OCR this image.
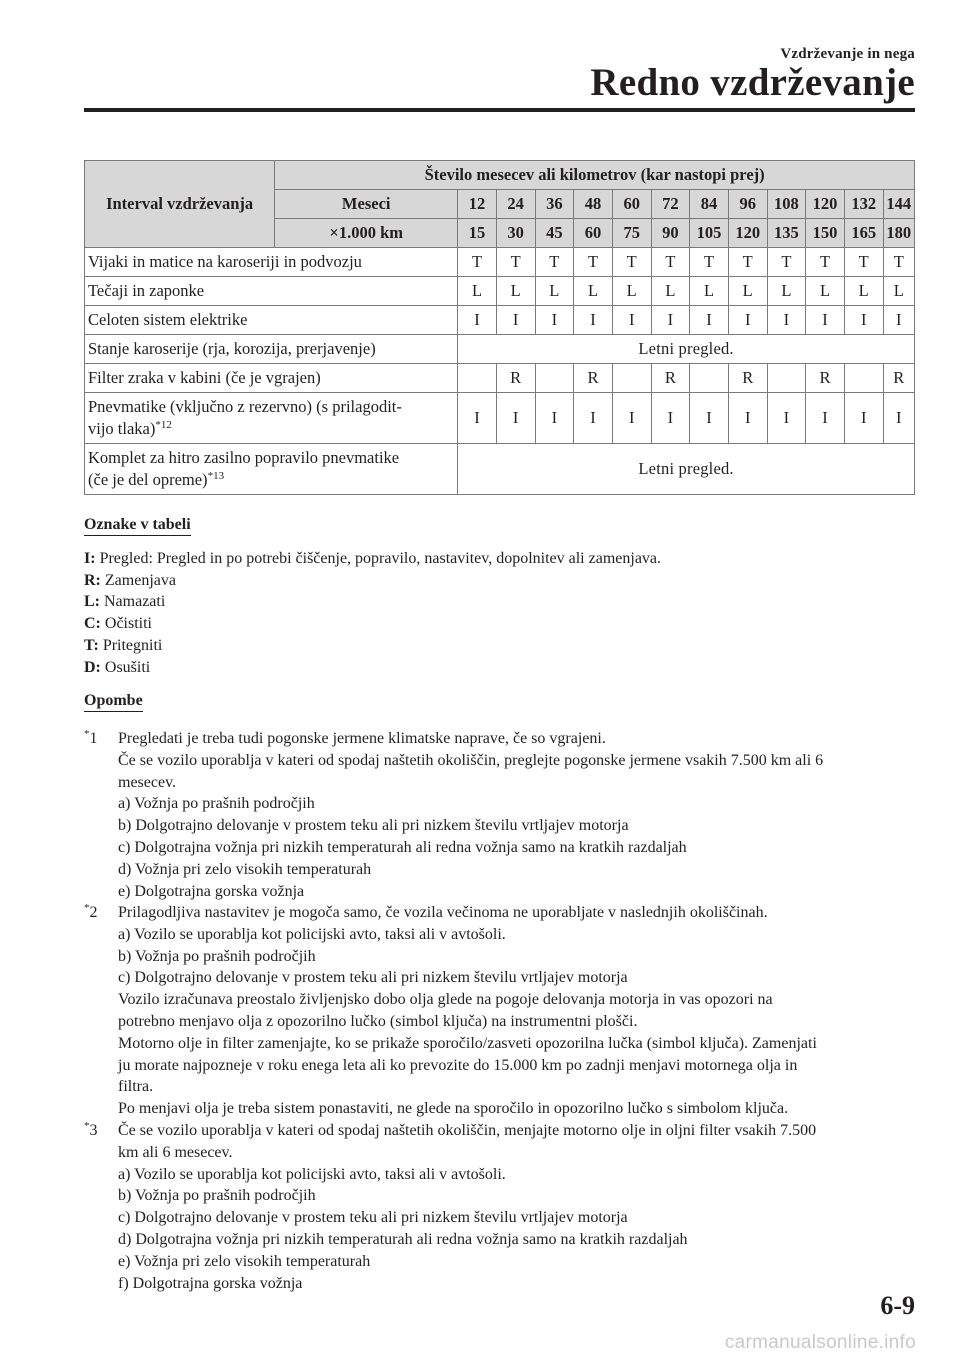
Vzdrževanje in nega
Redno vzdrževanje
Interval vzdrževanja	Število mesecev ali kilometrov (kar nastopi prej)												
	Meseci	12	24	36	48	60	72	84	96	108	120	132	144
	×1.000 km	15	30	45	60	75	90	105	120	135	150	165	180
Vijaki in matice na karoseriji in podvozju		T	T	T	T	T	T	T	T	T	T	T	T
Tečaji in zaponke		L	L	L	L	L	L	L	L	L	L	L	L
Celoten sistem elektrike		I	I	I	I	I	I	I	I	I	I	I	I
Stanje karoserije (rja, korozija, prerjavenje)		Letni pregled.											
Filter zraka v kabini (če je vgrajen)			R		R		R		R		R		R
Pnevmatike (vključno z rezervno) (s prilagodit-
vijo tlaka)$^{*12}$		I	I	I	I	I	I	I	I	I	I	I	I
Komplet za hitro zasilno popravilo pnevmatike
(če je del opreme)$^{*13}$		Letni pregled.											
Oznake v tabeli
I: Pregled: Pregled in po potrebi čiščenje, popravilo, nastavitev, dopolnitev ali zamenjava.
R: Zamenjava
L: Namazati
C: Očistiti
T: Pritegniti
D: Osušiti
Opombe
*1 Pregledati je treba tudi pogonske jermene klimatske naprave, če so vgrajeni.
Če se vozilo uporablja v kateri od spodaj naštetih okoliščin, preglejte pogonske jermene vsakih 7.500 km ali 6
mesecev.
a) Vožnja po prašnih področjih
b) Dolgotrajno delovanje v prostem teku ali pri nizkem številu vrtljajev motorja
c) Dolgotrajna vožnja pri nizkih temperaturah ali redna vožnja samo na kratkih razdaljah
d) Vožnja pri zelo visokih temperaturah
e) Dolgotrajna gorska vožnja
*2 Prilagodljiva nastavitev je mogoča samo, če vozila večinoma ne uporabljate v naslednjih okoliščinah.
a) Vozilo se uporablja kot policijski avto, taksi ali v avtošoli.
b) Vožnja po prašnih področjih
c) Dolgotrajno delovanje v prostem teku ali pri nizkem številu vrtljajev motorja
Vozilo izračunava preostalo življenjsko dobo olja glede na pogoje delovanja motorja in vas opozori na
potrebno menjavo olja z opozorilno lučko (simbol ključa) na instrumentni plošči.
Motorno olje in filter zamenjajte, ko se prikaže sporočilo/zasveti opozorilna lučka (simbol ključa). Zamenjati
ju morate najpozneje v roku enega leta ali ko prevozite do 15.000 km po zadnji menjavi motornega olja in
filtra.
Po menjavi olja je treba sistem ponastaviti, ne glede na sporočilo in opozorilno lučko s simbolom ključa.
*3 Če se vozilo uporablja v kateri od spodaj naštetih okoliščin, menjajte motorno olje in oljni filter vsakih 7.500
km ali 6 mesecev.
a) Vozilo se uporablja kot policijski avto, taksi ali v avtošoli.
b) Vožnja po prašnih področjih
c) Dolgotrajno delovanje v prostem teku ali pri nizkem številu vrtljajev motorja
d) Dolgotrajna vožnja pri nizkih temperaturah ali redna vožnja samo na kratkih razdaljah
e) Vožnja pri zelo visokih temperaturah
f) Dolgotrajna gorska vožnja
6-9
carmanualsonline.info
